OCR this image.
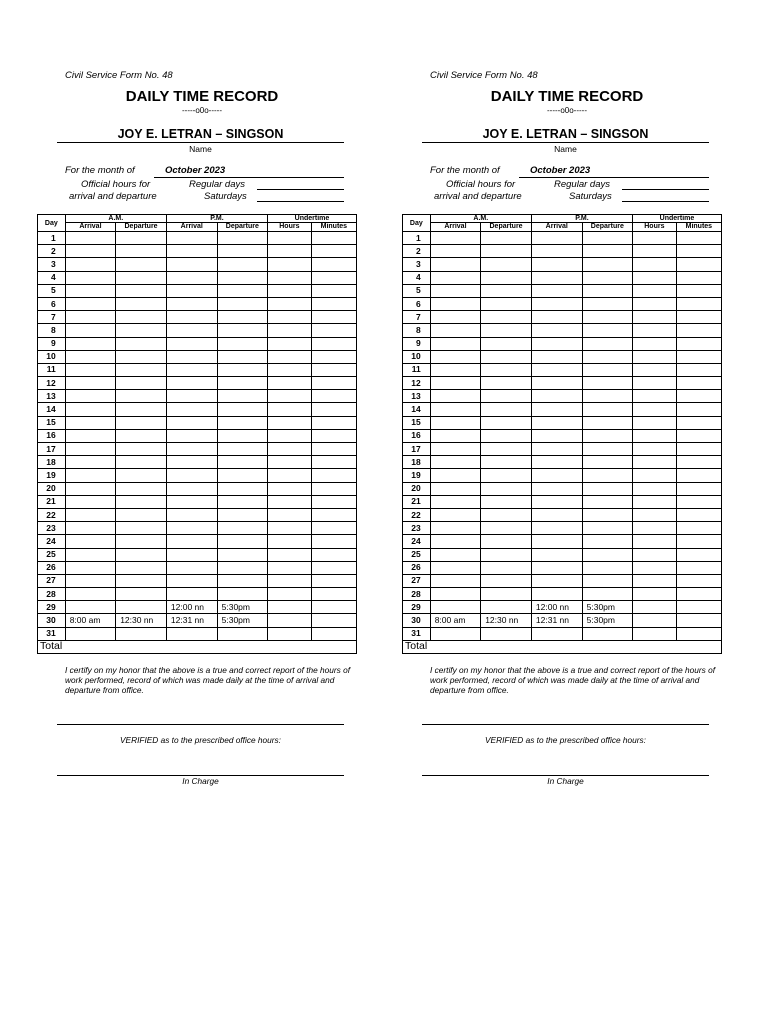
Civil Service Form No. 48
DAILY TIME RECORD
-----o0o-----
JOY E. LETRAN – SINGSON
Name
For the month of	October 2023
Official hours for
arrival and departure
Regular days
Saturdays
Day	A.M.		P.M.		Undertime	
	Arrival	Departure	Arrival	Departure	Hours	Minutes
1						
2						
3						
4						
5						
6						
7						
8						
9						
10						
11						
12						
13						
14						
15						
16						
17						
18						
19						
20						
21						
22						
23						
24						
25						
26						
27						
28						
29			12:00 nn	5:30pm		
30	8:00 am	12:30 nn	12:31 nn	5:30pm		
31						
Total						
I certify on my honor that the above is a true and correct report of the hours of work performed, record of which was made daily at the time of arrival and departure from office.
VERIFIED as to the prescribed office hours:
In Charge
Civil Service Form No. 48
DAILY TIME RECORD
-----o0o-----
JOY E. LETRAN – SINGSON
Name
For the month of	October 2023
Official hours for
arrival and departure
Regular days
Saturdays
Day	A.M.		P.M.		Undertime	
	Arrival	Departure	Arrival	Departure	Hours	Minutes
1						
2						
3						
4						
5						
6						
7						
8						
9						
10						
11						
12						
13						
14						
15						
16						
17						
18						
19						
20						
21						
22						
23						
24						
25						
26						
27						
28						
29			12:00 nn	5:30pm		
30	8:00 am	12:30 nn	12:31 nn	5:30pm		
31						
Total						
I certify on my honor that the above is a true and correct report of the hours of work performed, record of which was made daily at the time of arrival and departure from office.
VERIFIED as to the prescribed office hours:
In Charge
